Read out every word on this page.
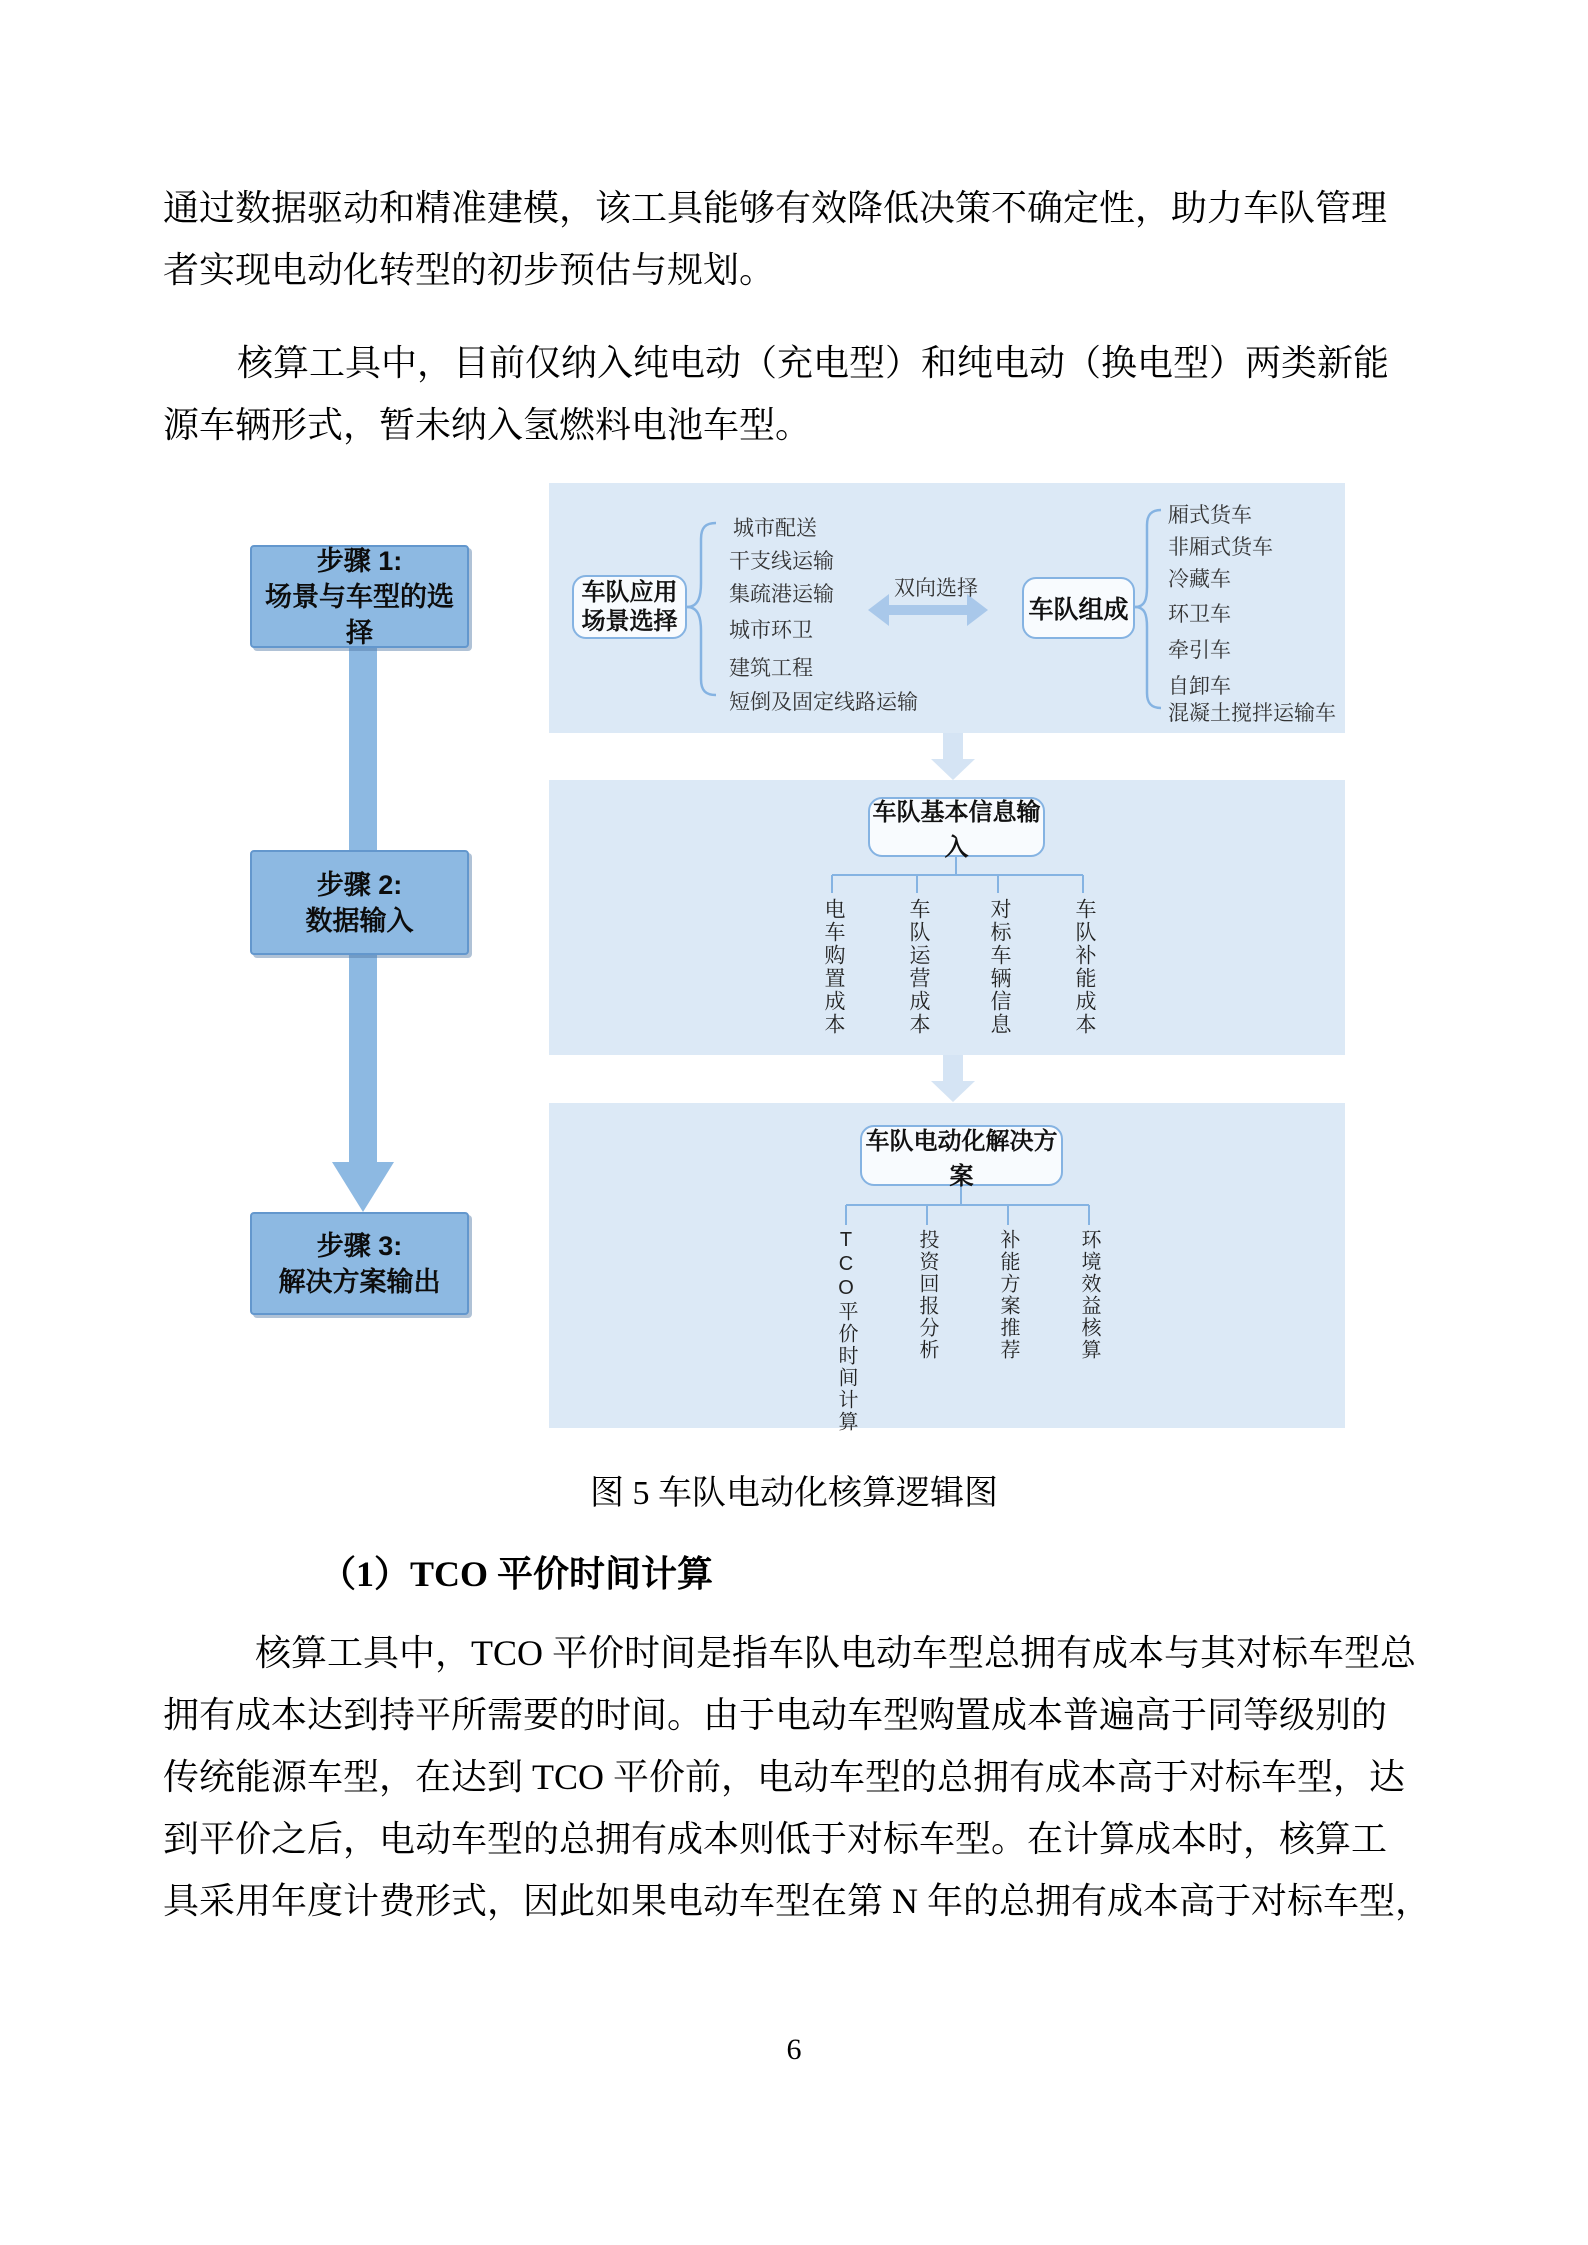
通过数据驱动和精准建模，该工具能够有效降低决策不确定性，助力车队管理
者实现电动化转型的初步预估与规划。
核算工具中，目前仅纳入纯电动（充电型）和纯电动（换电型）两类新能
源车辆形式，暂未纳入氢燃料电池车型。
步骤 1:
场景与车型的选择
步骤 2:
数据输入
步骤 3:
解决方案输出
车队应用
场景选择
城市配送
干支线运输
集疏港运输
城市环卫
建筑工程
短倒及固定线路运输
双向选择
车队组成
厢式货车
非厢式货车
冷藏车
环卫车
牵引车
自卸车
混凝土搅拌运输车
车队基本信息输入
电车购置成本	车队运营成本	对标车辆信息	车队补能成本
车队电动化解决方案
TCO平价时间计算	投资回报分析	补能方案推荐	环境效益核算
图 5 车队电动化核算逻辑图
（1）TCO 平价时间计算
核算工具中，TCO 平价时间是指车队电动车型总拥有成本与其对标车型总
拥有成本达到持平所需要的时间。由于电动车型购置成本普遍高于同等级别的
传统能源车型，在达到 TCO 平价前，电动车型的总拥有成本高于对标车型，达
到平价之后，电动车型的总拥有成本则低于对标车型。在计算成本时，核算工
具采用年度计费形式，因此如果电动车型在第 N 年的总拥有成本高于对标车型，
6
